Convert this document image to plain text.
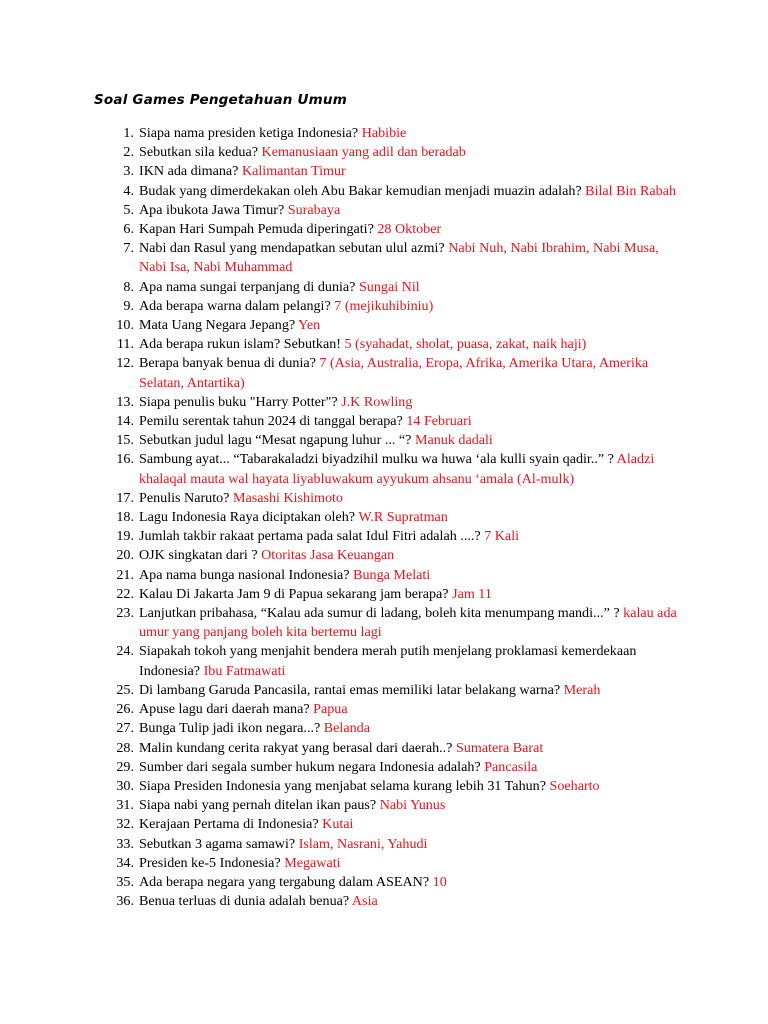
Soal Games Pengetahuan Umum
1. Siapa nama presiden ketiga Indonesia? Habibie
2. Sebutkan sila kedua? Kemanusiaan yang adil dan beradab
3. IKN ada dimana? Kalimantan Timur
4. Budak yang dimerdekakan oleh Abu Bakar kemudian menjadi muazin adalah? Bilal Bin Rabah
5. Apa ibukota Jawa Timur? Surabaya
6. Kapan Hari Sumpah Pemuda diperingati? 28 Oktober
7. Nabi dan Rasul yang mendapatkan sebutan ulul azmi? Nabi Nuh, Nabi Ibrahim, Nabi Musa, Nabi Isa, Nabi Muhammad
8. Apa nama sungai terpanjang di dunia? Sungai Nil
9. Ada berapa warna dalam pelangi? 7 (mejikuhibiniu)
10. Mata Uang Negara Jepang? Yen
11. Ada berapa rukun islam? Sebutkan! 5 (syahadat, sholat, puasa, zakat, naik haji)
12. Berapa banyak benua di dunia? 7 (Asia, Australia, Eropa, Afrika, Amerika Utara, Amerika Selatan, Antartika)
13. Siapa penulis buku "Harry Potter"? J.K Rowling
14. Pemilu serentak tahun 2024 di tanggal berapa? 14 Februari
15. Sebutkan judul lagu “Mesat ngapung luhur ... “? Manuk dadali
16. Sambung ayat... “Tabarakaladzi biyadzihil mulku wa huwa ‘ala kulli syain qadir..” ? Aladzi khalaqal mauta wal hayata liyabluwakum ayyukum ahsanu ‘amala (Al-mulk)
17. Penulis Naruto? Masashi Kishimoto
18. Lagu Indonesia Raya diciptakan oleh? W.R Supratman
19. Jumlah takbir rakaat pertama pada salat Idul Fitri adalah ....? 7 Kali
20. OJK singkatan dari ? Otoritas Jasa Keuangan
21. Apa nama bunga nasional Indonesia? Bunga Melati
22. Kalau Di Jakarta Jam 9 di Papua sekarang jam berapa? Jam 11
23. Lanjutkan pribahasa, “Kalau ada sumur di ladang, boleh kita menumpang mandi...” ? kalau ada umur yang panjang boleh kita bertemu lagi
24. Siapakah tokoh yang menjahit bendera merah putih menjelang proklamasi kemerdekaan Indonesia? Ibu Fatmawati
25. Di lambang Garuda Pancasila, rantai emas memiliki latar belakang warna? Merah
26. Apuse lagu dari daerah mana? Papua
27. Bunga Tulip jadi ikon negara...? Belanda
28. Malin kundang cerita rakyat yang berasal dari daerah..? Sumatera Barat
29. Sumber dari segala sumber hukum negara Indonesia adalah? Pancasila
30. Siapa Presiden Indonesia yang menjabat selama kurang lebih 31 Tahun? Soeharto
31. Siapa nabi yang pernah ditelan ikan paus? Nabi Yunus
32. Kerajaan Pertama di Indonesia? Kutai
33. Sebutkan 3 agama samawi? Islam, Nasrani, Yahudi
34. Presiden ke-5 Indonesia? Megawati
35. Ada berapa negara yang tergabung dalam ASEAN? 10
36. Benua terluas di dunia adalah benua? Asia
